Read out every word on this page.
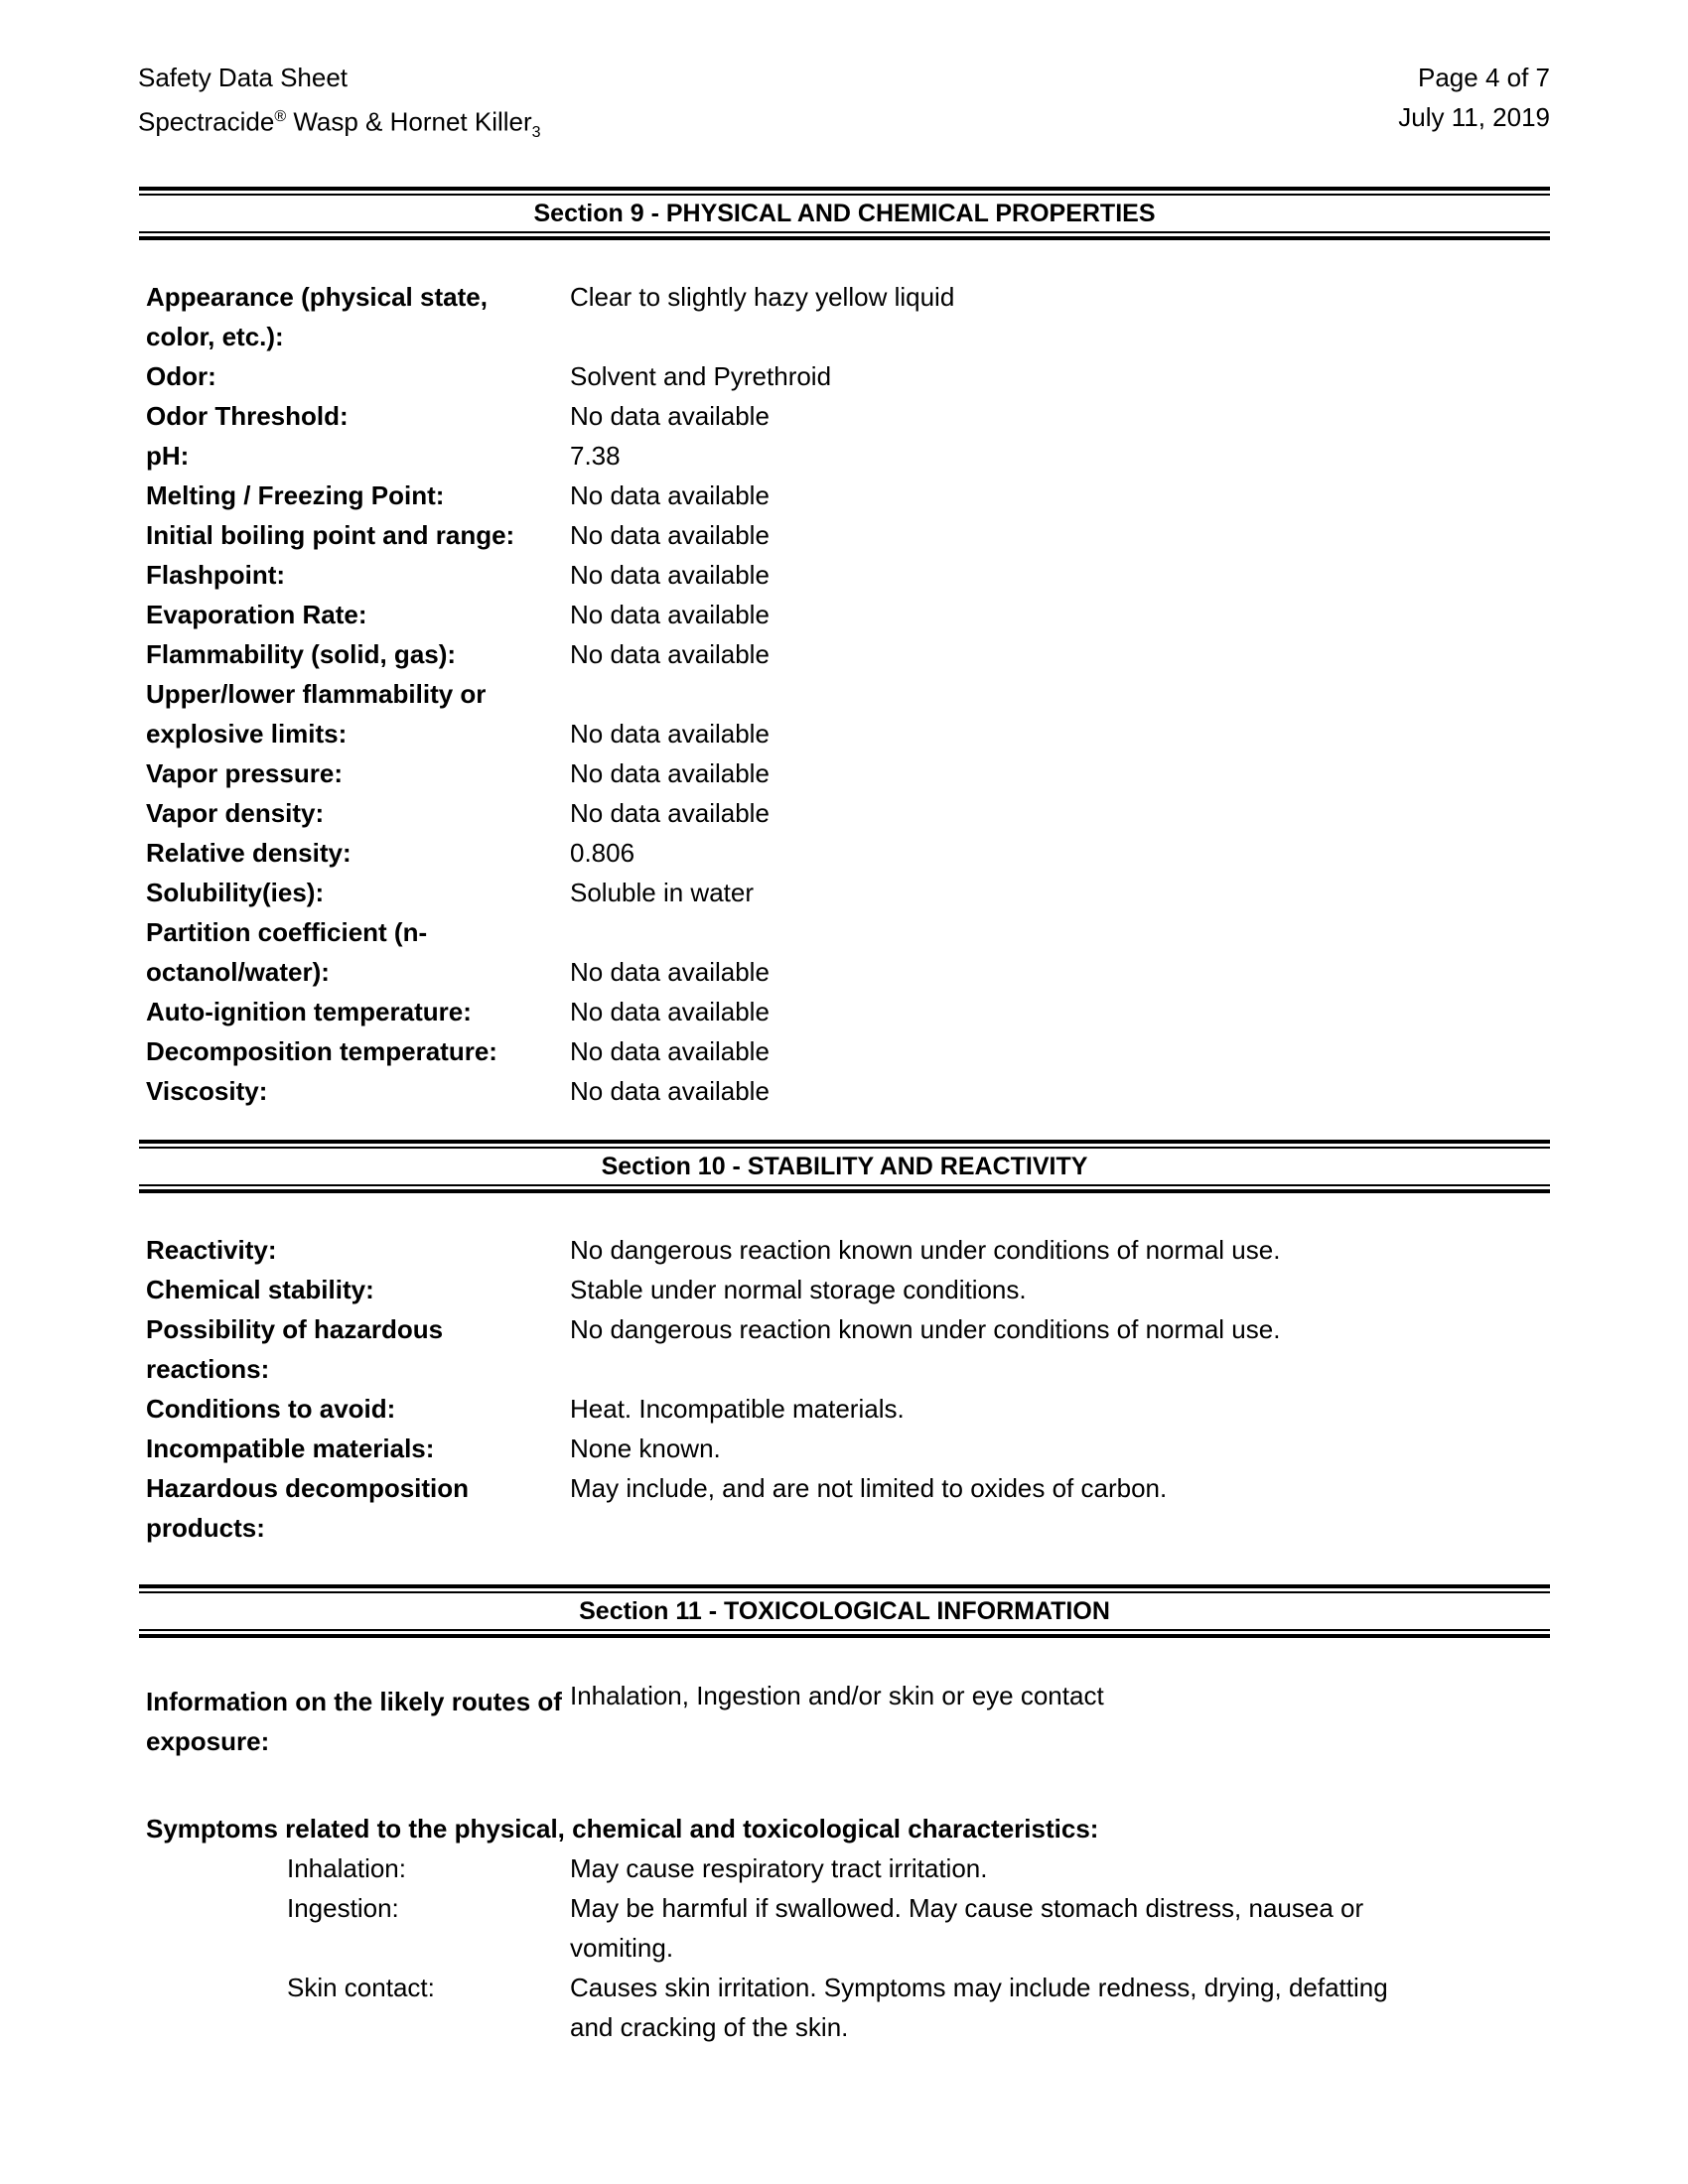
Safety Data Sheet
Spectracide® Wasp & Hornet Killer$_3$
Page 4 of 7
July 11, 2019
Section 9 - PHYSICAL AND CHEMICAL PROPERTIES
Appearance (physical state, color, etc.):
Clear to slightly hazy yellow liquid
Odor:	Solvent and Pyrethroid
Odor Threshold:	No data available
pH:	7.38
Melting / Freezing Point:	No data available
Initial boiling point and range:	No data available
Flashpoint:	No data available
Evaporation Rate:	No data available
Flammability (solid, gas):	No data available
Upper/lower flammability or explosive limits:	No data available
Vapor pressure:	No data available
Vapor density:	No data available
Relative density:	0.806
Solubility(ies):	Soluble in water
Partition coefficient (n-octanol/water):	No data available
Auto-ignition temperature:	No data available
Decomposition temperature:	No data available
Viscosity:	No data available
Section 10 - STABILITY AND REACTIVITY
Reactivity:	No dangerous reaction known under conditions of normal use.
Chemical stability:	Stable under normal storage conditions.
Possibility of hazardous reactions:
No dangerous reaction known under conditions of normal use.
Conditions to avoid:	Heat. Incompatible materials.
Incompatible materials:	None known.
Hazardous decomposition products:
May include, and are not limited to oxides of carbon.
Section 11 - TOXICOLOGICAL INFORMATION
Information on the likely routes of exposure:
Inhalation, Ingestion and/or skin or eye contact
Symptoms related to the physical, chemical and toxicological characteristics:
Inhalation:	May cause respiratory tract irritation.
Ingestion:	May be harmful if swallowed. May cause stomach distress, nausea or vomiting.
Skin contact:	Causes skin irritation. Symptoms may include redness, drying, defatting and cracking of the skin.
